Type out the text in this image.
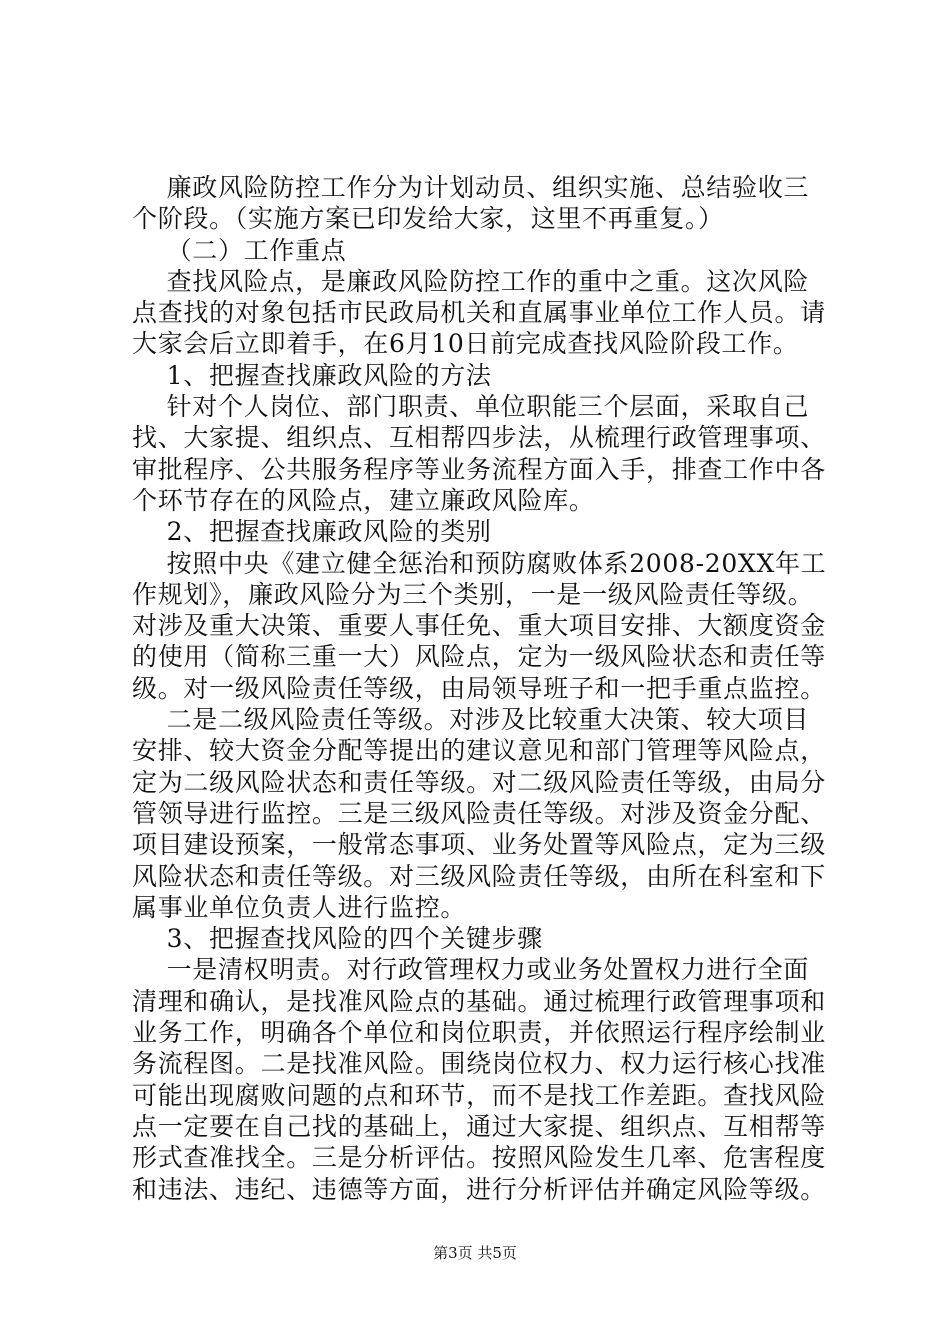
廉政风险防控工作分为计划动员、组织实施、总结验收三
个阶段。（实施方案已印发给大家，这里不再重复。）
（二）工作重点
查找风险点，是廉政风险防控工作的重中之重。这次风险
点查找的对象包括市民政局机关和直属事业单位工作人员。请
大家会后立即着手，在6月10日前完成查找风险阶段工作。
1、把握查找廉政风险的方法
针对个人岗位、部门职责、单位职能三个层面，采取自己
找、大家提、组织点、互相帮四步法，从梳理行政管理事项、
审批程序、公共服务程序等业务流程方面入手，排查工作中各
个环节存在的风险点，建立廉政风险库。
2、把握查找廉政风险的类别
按照中央《建立健全惩治和预防腐败体系2008-20XX年工
作规划》，廉政风险分为三个类别，一是一级风险责任等级。
对涉及重大决策、重要人事任免、重大项目安排、大额度资金
的使用（简称三重一大）风险点，定为一级风险状态和责任等
级。对一级风险责任等级，由局领导班子和一把手重点监控。
二是二级风险责任等级。对涉及比较重大决策、较大项目
安排、较大资金分配等提出的建议意见和部门管理等风险点，
定为二级风险状态和责任等级。对二级风险责任等级，由局分
管领导进行监控。三是三级风险责任等级。对涉及资金分配、
项目建设预案，一般常态事项、业务处置等风险点，定为三级
风险状态和责任等级。对三级风险责任等级，由所在科室和下
属事业单位负责人进行监控。
3、把握查找风险的四个关键步骤
一是清权明责。对行政管理权力或业务处置权力进行全面
清理和确认，是找准风险点的基础。通过梳理行政管理事项和
业务工作，明确各个单位和岗位职责，并依照运行程序绘制业
务流程图。二是找准风险。围绕岗位权力、权力运行核心找准
可能出现腐败问题的点和环节，而不是找工作差距。查找风险
点一定要在自己找的基础上，通过大家提、组织点、互相帮等
形式查准找全。三是分析评估。按照风险发生几率、危害程度
和违法、违纪、违德等方面，进行分析评估并确定风险等级。
第3页 共5页
